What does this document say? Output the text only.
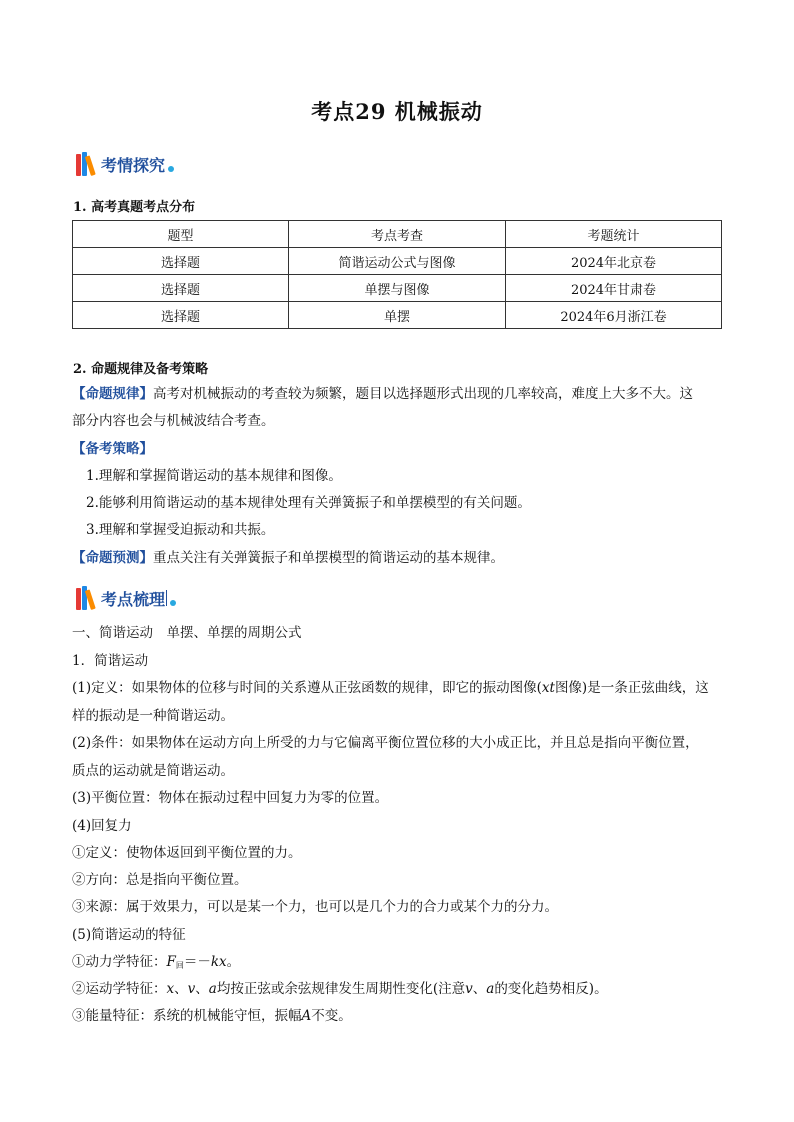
考点29 机械振动
考情探究
1. 高考真题考点分布
题型	考点考查	考题统计
选择题	简谐运动公式与图像	2024年北京卷
选择题	单摆与图像	2024年甘肃卷
选择题	单摆	2024年6月浙江卷
2. 命题规律及备考策略
【命题规律】高考对机械振动的考查较为频繁，题目以选择题形式出现的几率较高，难度上大多不大。这
部分内容也会与机械波结合考查。
【备考策略】
1.理解和掌握简谐运动的基本规律和图像。
2.能够利用简谐运动的基本规律处理有关弹簧振子和单摆模型的有关问题。
3.理解和掌握受迫振动和共振。
【命题预测】重点关注有关弹簧振子和单摆模型的简谐运动的基本规律。
考点梳理
一、简谐运动　单摆、单摆的周期公式
1．简谐运动
(1)定义：如果物体的位移与时间的关系遵从正弦函数的规律，即它的振动图像(xt图像)是一条正弦曲线，这
样的振动是一种简谐运动。
(2)条件：如果物体在运动方向上所受的力与它偏离平衡位置位移的大小成正比，并且总是指向平衡位置，
质点的运动就是简谐运动。
(3)平衡位置：物体在振动过程中回复力为零的位置。
(4)回复力
①定义：使物体返回到平衡位置的力。
②方向：总是指向平衡位置。
③来源：属于效果力，可以是某一个力，也可以是几个力的合力或某个力的分力。
(5)简谐运动的特征
①动力学特征：$F_回=-kx$。
②运动学特征：x、v、a均按正弦或余弦规律发生周期性变化(注意v、a的变化趋势相反)。
③能量特征：系统的机械能守恒，振幅A不变。
